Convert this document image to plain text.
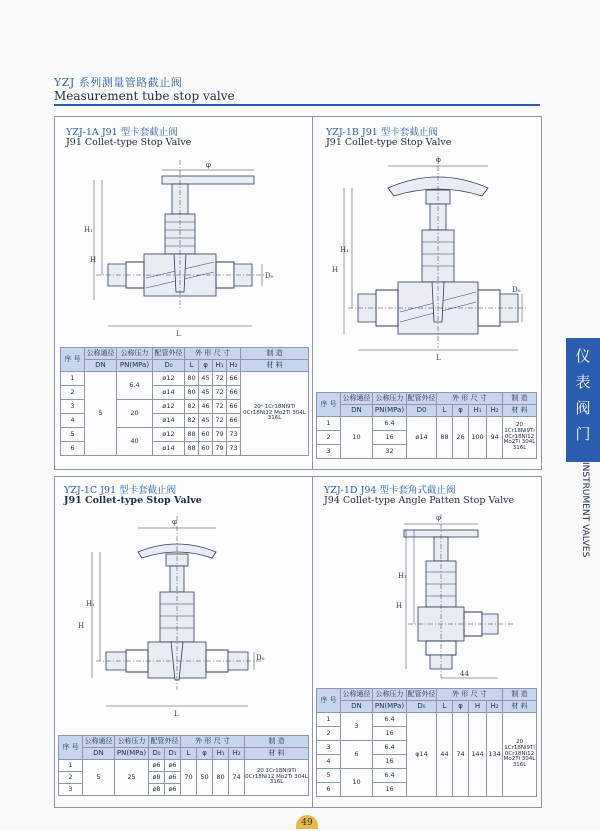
YZJ 系列测量管路截止阀
Measurement tube stop valve
YZJ-1A J91 型卡套截止阀
J91 Collet-type Stop Valve
φ
H₁
H
D₀
L
序 号	公称通径	公称压力	配管外径	外 形 尺 寸				制 造
	DN	PN(MPa)	D₀	L	φ	H₁	H₂	材 料
1	5	6.4	ø12	80	45	72	66	20ᵒ 1Cr18Ni9Ti 0Cr18Ni12 Mo2Ti 304L 316L
2			ø14	80	45	72	66	
3		20	ø12	82	46	72	66	
4			ø14	82	45	72	66	
5		40	ø12	88	60	79	73	
6			ø14	88	60	79	73	
YZJ-1B J91 型卡套截止阀
J91 Collet-type Stop Valve
φ
H₁
H
D₀
L
序 号	公称通径	公称压力	配管外径	外 形 尺 寸				制 造
	DN	PN(MPa)	D0	L	φ	H₁	H₂	材 料
1	10	6.4	ø14	88	26	100	94	20 1Cr18Ni9Ti 0Cr18Ni12 Mo2Ti 304L 316L
2		16						
3		32						
YZJ-1C J91 型卡套截止阀
J91 Collet-type Stop Valve
φ
H₁
H
D₀
L
序 号	公称通径	公称压力	配管外径		外 形 尺 寸				制 造
	DN	PN(MPa)	D₀	D₁	L	φ	H₁	H₂	材 料
1	5	25	ø6	ø6	70	50	80	74	20 1Cr18Ni9Ti 0Cr18Ni12 Mo2Ti 304L 316L
2			ø8	ø6					
3			ø8	ø6					
YZJ-1D J94 型卡套角式截止阀
J94 Collet-type Angle Patten Stop Valve
φ
H₁
H
44
序 号	公称通径	公称压力	配管外径	外 形 尺 寸				制 造
	DN	PN(MPa)	D₀	L	φ	H	H₂	材 料
1	3	6.4	φ14	44	74	144	134	20 1Cr18Ni9Ti 0Cr18Ni12 Mo2Ti 304L 316L
2		16						
3	6	6.4						
4		16						
5	10	6.4						
6		16						
仪
表
阀
门
INSTRUMENT VALVES
49
